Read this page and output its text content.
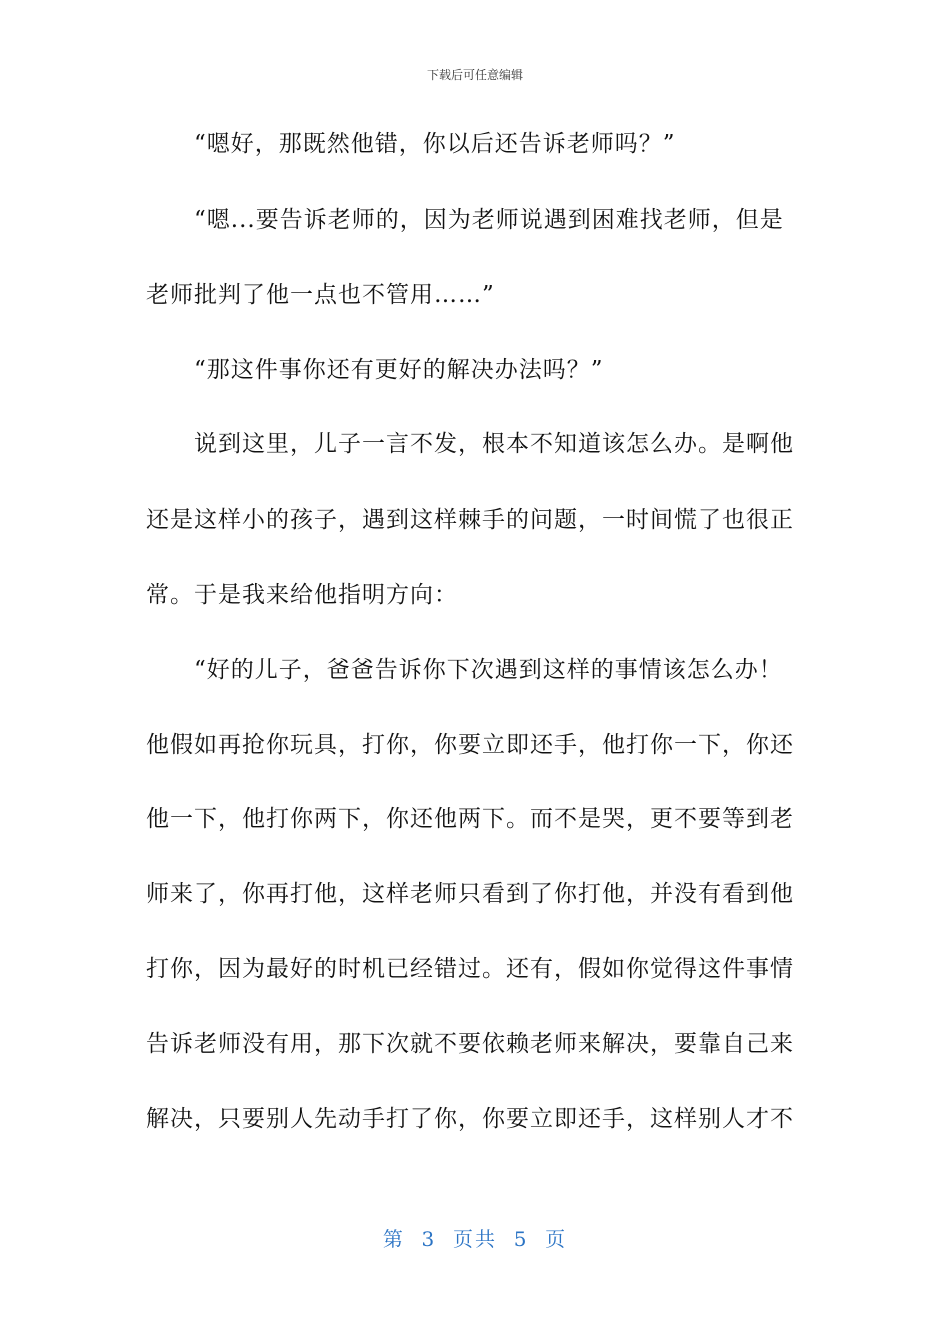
下载后可任意编辑
“嗯好，那既然他错，你以后还告诉老师吗？”
“嗯...要告诉老师的，因为老师说遇到困难找老师，但是
老师批判了他一点也不管用……”
“那这件事你还有更好的解决办法吗？”
说到这里，儿子一言不发，根本不知道该怎么办。是啊他
还是这样小的孩子，遇到这样棘手的问题，一时间慌了也很正
常。于是我来给他指明方向：
“好的儿子，爸爸告诉你下次遇到这样的事情该怎么办！
他假如再抢你玩具，打你，你要立即还手，他打你一下，你还
他一下，他打你两下，你还他两下。而不是哭，更不要等到老
师来了，你再打他，这样老师只看到了你打他，并没有看到他
打你，因为最好的时机已经错过。还有，假如你觉得这件事情
告诉老师没有用，那下次就不要依赖老师来解决，要靠自己来
解决，只要别人先动手打了你，你要立即还手，这样别人才不
第  3  页共  5  页
